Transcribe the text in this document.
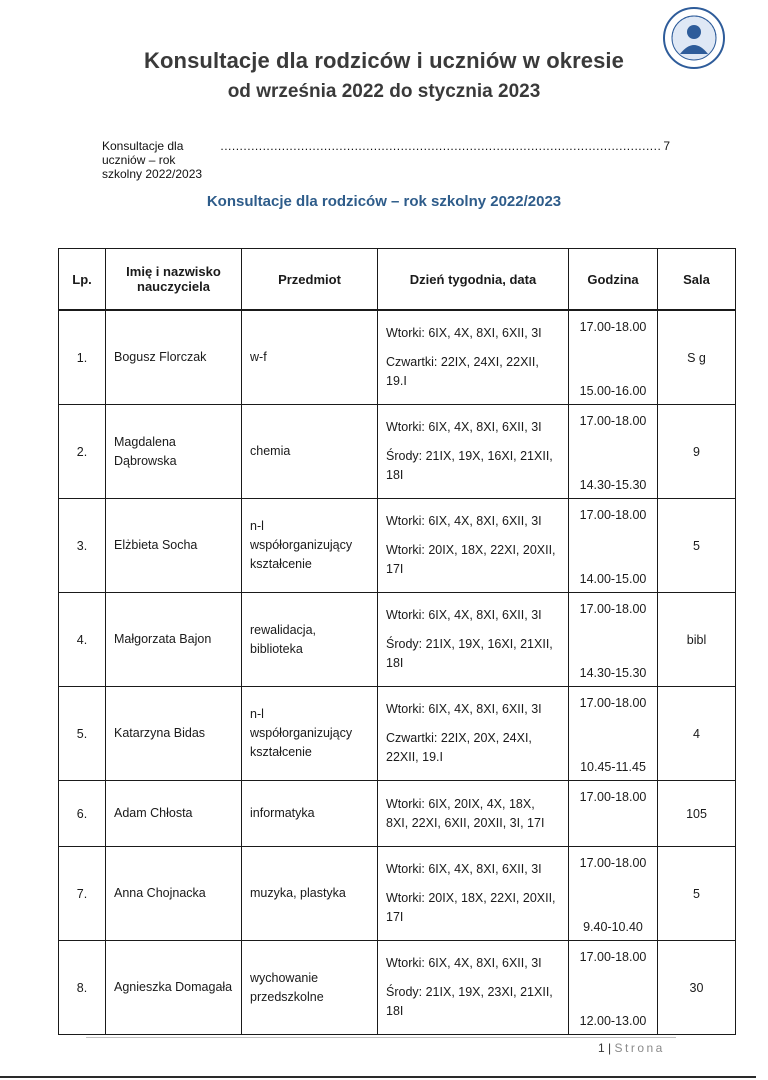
Konsultacje dla rodziców i uczniów w okresie
od września 2022 do stycznia 2023
Konsultacje dla uczniów – rok szkolny 2022/2023
................................................................................................................... 7
Konsultacje dla rodziców – rok szkolny 2022/2023
Lp.	Imię i nazwisko nauczyciela	Przedmiot	Dzień tygodnia, data	Godzina	Sala
1.	Bogusz Florczak	w-f	Wtorki: 6IX, 4X, 8XI, 6XII, 3I
Czwartki: 22IX, 24XI, 22XII, 19.I	17.00-18.00
15.00-16.00	S g
2.	Magdalena Dąbrowska	chemia	Wtorki: 6IX, 4X, 8XI, 6XII, 3I
Środy: 21IX, 19X, 16XI, 21XII, 18I	17.00-18.00
14.30-15.30	9
3.	Elżbieta Socha	n-l współorganizujący kształcenie	Wtorki: 6IX, 4X, 8XI, 6XII, 3I
Wtorki: 20IX, 18X, 22XI, 20XII, 17I	17.00-18.00
14.00-15.00	5
4.	Małgorzata Bajon	rewalidacja, biblioteka	Wtorki: 6IX, 4X, 8XI, 6XII, 3I
Środy: 21IX, 19X, 16XI, 21XII, 18I	17.00-18.00
14.30-15.30	bibl
5.	Katarzyna Bidas	n-l współorganizujący kształcenie	Wtorki: 6IX, 4X, 8XI, 6XII, 3I
Czwartki: 22IX, 20X, 24XI, 22XII, 19.I	17.00-18.00
10.45-11.45	4
6.	Adam Chłosta	informatyka	Wtorki: 6IX, 20IX, 4X, 18X, 8XI, 22XI, 6XII, 20XII, 3I, 17I	17.00-18.00	105
7.	Anna Chojnacka	muzyka, plastyka	Wtorki: 6IX, 4X, 8XI, 6XII, 3I
Wtorki: 20IX, 18X, 22XI, 20XII, 17I	17.00-18.00
9.40-10.40	5
8.	Agnieszka Domagała	wychowanie przedszkolne	Wtorki: 6IX, 4X, 8XI, 6XII, 3I
Środy: 21IX, 19X, 23XI, 21XII, 18I	17.00-18.00
12.00-13.00	30
1 | Strona
